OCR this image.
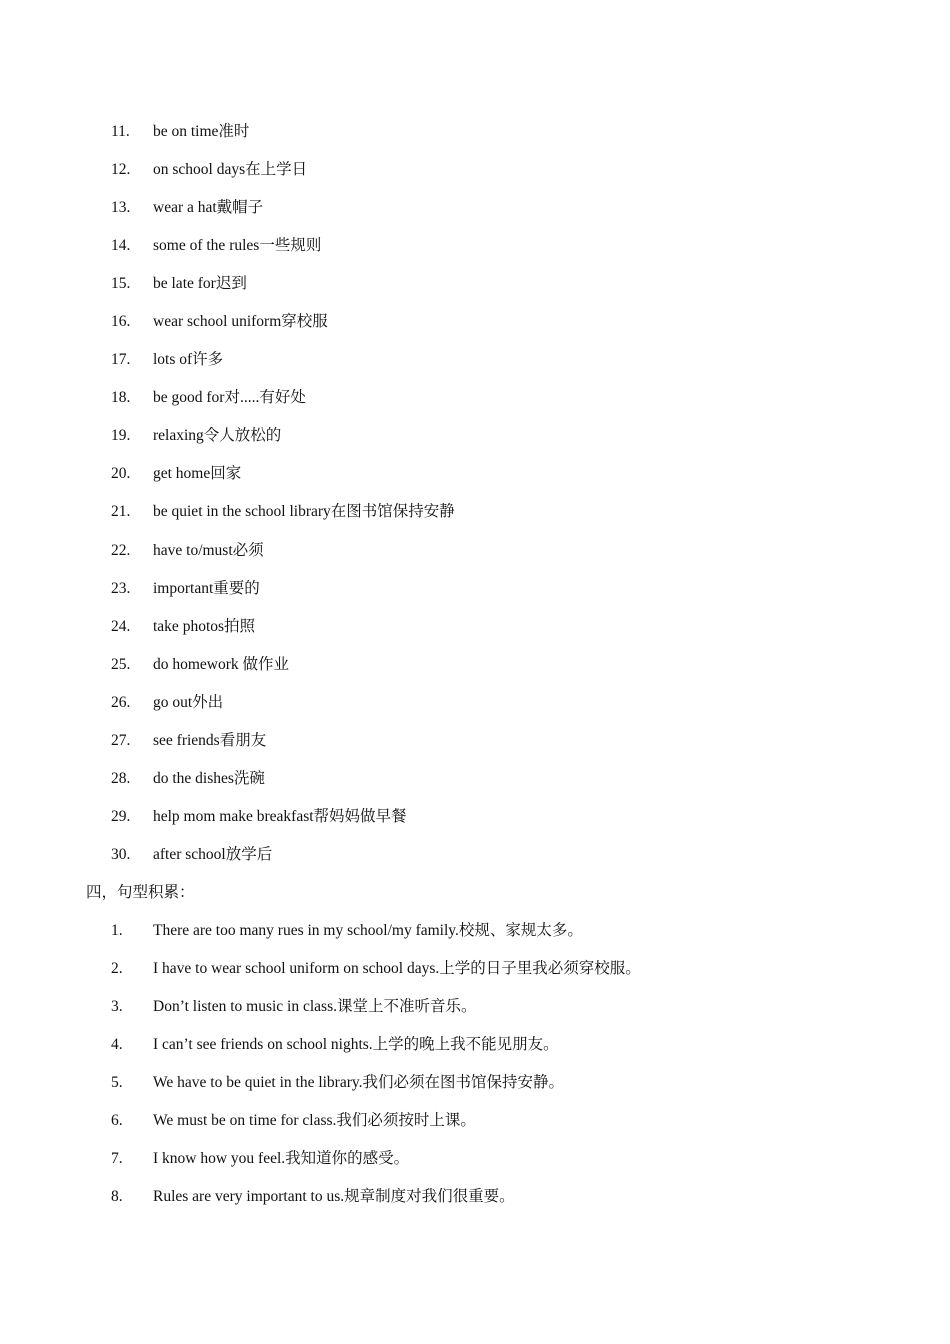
11. be on time准时
12. on school days在上学日
13. wear a hat戴帽子
14. some of the rules一些规则
15. be late for迟到
16. wear school uniform穿校服
17. lots of许多
18. be good for对.....有好处
19. relaxing令人放松的
20. get home回家
21. be quiet in the school library在图书馆保持安静
22. have to/must必须
23. important重要的
24. take photos拍照
25. do homework 做作业
26. go out外出
27. see friends看朋友
28. do the dishes洗碗
29. help mom make breakfast帮妈妈做早餐
30. after school放学后
四，句型积累：
1. There are too many rues in my school/my family.校规、家规太多。
2. I have to wear school uniform on school days.上学的日子里我必须穿校服。
3. Don’t listen to music in class.课堂上不准听音乐。
4. I can’t see friends on school nights.上学的晚上我不能见朋友。
5. We have to be quiet in the library.我们必须在图书馆保持安静。
6. We must be on time for class.我们必须按时上课。
7. I know how you feel.我知道你的感受。
8. Rules are very important to us.规章制度对我们很重要。
